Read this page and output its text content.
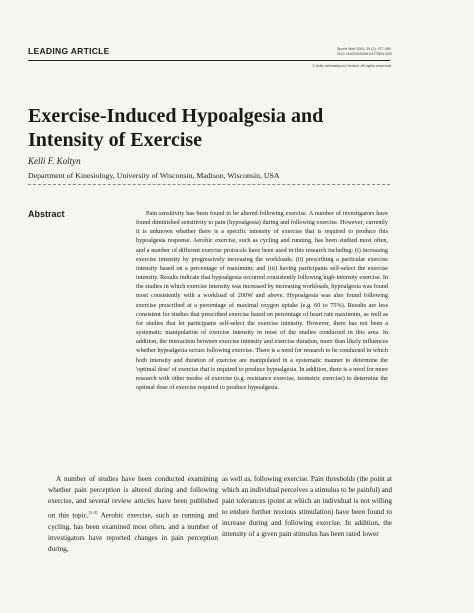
LEADING ARTICLE	Sports Med 2000; 29 (2): 477-480
0112-1642/00/0008-0477/$20.00/0
© Adis International Limited. All rights reserved.
Exercise-Induced Hypoalgesia and Intensity of Exercise
Kelli F. Koltyn
Department of Kinesiology, University of Wisconsin, Madison, Wisconsin, USA
Abstract	Pain sensitivity has been found to be altered following exercise. A number of investigators have found diminished sensitivity to pain (hypoalgesia) during and following exercise. However, currently it is unknown whether there is a specific intensity of exercise that is required to produce this hypoalgesia response. Aerobic exercise, such as cycling and running, has been studied most often, and a number of different exercise protocols have been used in this research including: (i) increasing exercise intensity by progressively increasing the workloads; (ii) prescribing a particular exercise intensity based on a percentage of maximum; and (iii) having participants self-select the exercise intensity. Results indicate that hypoalgesia occurred consistently following high-intensity exercise. In the studies in which exercise intensity was increased by increasing workloads, hypoalgesia was found most consistently with a workload of 200W and above. Hypoalgesia was also found following exercise prescribed at a percentage of maximal oxygen uptake (e.g. 60 to 75%). Results are less consistent for studies that prescribed exercise based on percentage of heart rate maximum, as well as for studies that let participants self-select the exercise intensity. However, there has not been a systematic manipulation of exercise intensity in most of the studies conducted in this area. In addition, the interaction between exercise intensity and exercise duration, more than likely influences whether hypoalgesia occurs following exercise. There is a need for research to be conducted in which both intensity and duration of exercise are manipulated in a systematic manner to determine the 'optimal dose' of exercise that is required to produce hypoalgesia. In addition, there is a need for more research with other modes of exercise (e.g. resistance exercise, isometric exercise) to determine the optimal dose of exercise required to produce hypoalgesia.
A number of studies have been conducted examining whether pain perception is altered during and following exercise, and several review articles have been published on this topic.[1-3] Aerobic exercise, such as running and cycling, has been examined most often, and a number of investigators have reported changes in pain perception during,
as well as, following exercise. Pain thresholds (the point at which an individual perceives a stimulus to be painful) and pain tolerances (point at which an individual is not willing to endure further noxious stimulation) have been found to increase during and following exercise. In addition, the intensity of a given pain stimulus has been rated lower
